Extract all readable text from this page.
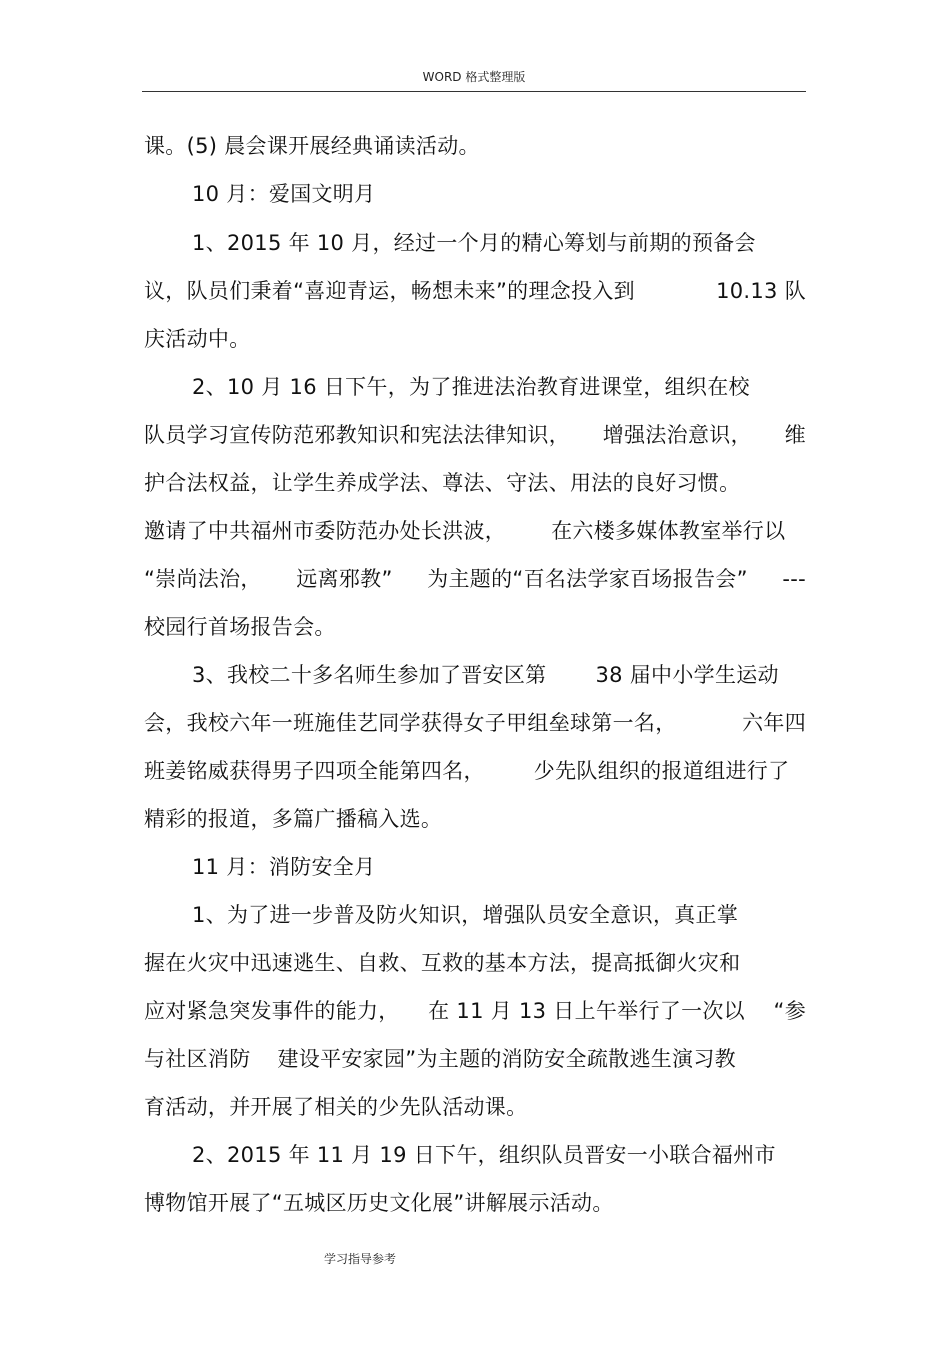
WORD 格式整理版
课。(5) 晨会课开展经典诵读活动。
10 月：爱国文明月
1、2015 年 10 月，经过一个月的精心筹划与前期的预备会
议，队员们秉着“喜迎青运，畅想未来”的理念投入到	10.13 队
庆活动中。
2、10 月 16 日下午，为了推进法治教育进课堂，组织在校
队员学习宣传防范邪教知识和宪法法律知识， 增强法治意识， 维
护合法权益，让学生养成学法、尊法、守法、用法的良好习惯。
邀请了中共福州市委防范办处长洪波， 在六楼多媒体教室举行以
“崇尚法治， 远离邪教” 为主题的“百名法学家百场报告会” ---
校园行首场报告会。
3、我校二十多名师生参加了晋安区第 38 届中小学生运动
会，我校六年一班施佳艺同学获得女子甲组垒球第一名，	六年四
班姜铭威获得男子四项全能第四名， 少先队组织的报道组进行了
精彩的报道，多篇广播稿入选。
11 月：消防安全月
1、为了进一步普及防火知识，增强队员安全意识，真正掌
握在火灾中迅速逃生、自救、互救的基本方法，提高抵御火灾和
应对紧急突发事件的能力， 在 11 月 13 日上午举行了一次以 “参
与社区消防 建设平安家园”为主题的消防安全疏散逃生演习教
育活动，并开展了相关的少先队活动课。
2、2015 年 11 月 19 日下午，组织队员晋安一小联合福州市
博物馆开展了“五城区历史文化展”讲解展示活动。
学习指导参考
